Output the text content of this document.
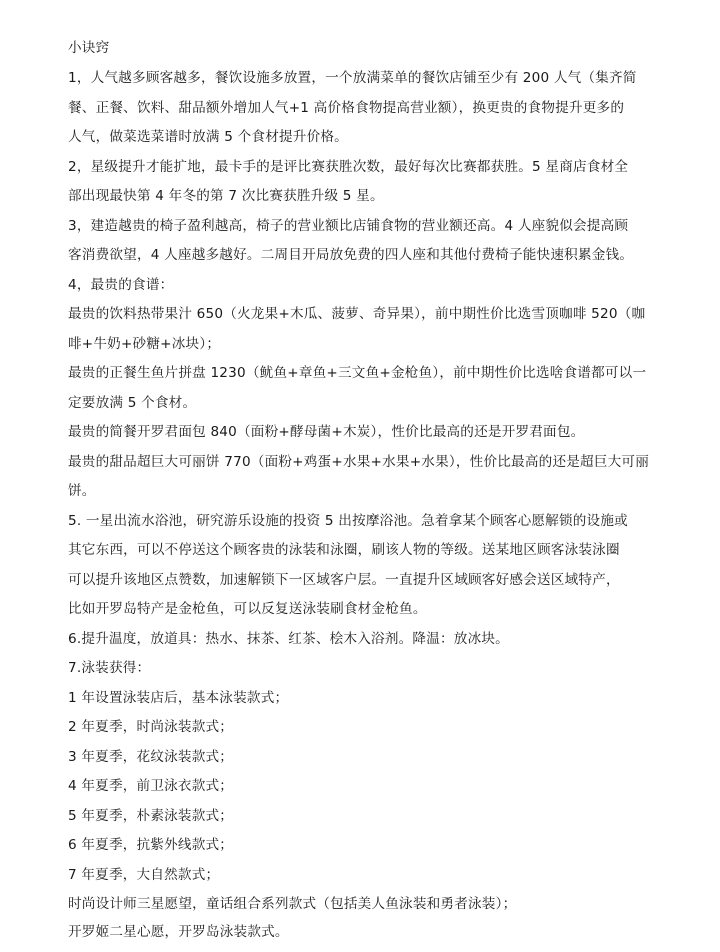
小诀窍
1，人气越多顾客越多，餐饮设施多放置，一个放满菜单的餐饮店铺至少有 200 人气（集齐简
餐、正餐、饮料、甜品额外增加人气+1 高价格食物提高营业额），换更贵的食物提升更多的
人气，做菜选菜谱时放满 5 个食材提升价格。
2，星级提升才能扩地，最卡手的是评比赛获胜次数，最好每次比赛都获胜。5 星商店食材全
部出现最快第 4 年冬的第 7 次比赛获胜升级 5 星。
3，建造越贵的椅子盈利越高，椅子的营业额比店铺食物的营业额还高。4 人座貌似会提高顾
客消费欲望，4 人座越多越好。二周目开局放免费的四人座和其他付费椅子能快速积累金钱。
4，最贵的食谱：
最贵的饮料热带果汁 650（火龙果+木瓜、菠萝、奇异果），前中期性价比选雪顶咖啡 520（咖
啡+牛奶+砂糖+冰块）；
最贵的正餐生鱼片拼盘 1230（鱿鱼+章鱼+三文鱼+金枪鱼），前中期性价比选啥食谱都可以一
定要放满 5 个食材。
最贵的简餐开罗君面包 840（面粉+酵母菌+木炭），性价比最高的还是开罗君面包。
最贵的甜品超巨大可丽饼 770（面粉+鸡蛋+水果+水果+水果），性价比最高的还是超巨大可丽
饼。
5. 一星出流水浴池，研究游乐设施的投资 5 出按摩浴池。急着拿某个顾客心愿解锁的设施或
其它东西，可以不停送这个顾客贵的泳装和泳圈，刷该人物的等级。送某地区顾客泳装泳圈
可以提升该地区点赞数，加速解锁下一区域客户层。一直提升区域顾客好感会送区域特产，
比如开罗岛特产是金枪鱼，可以反复送泳装刷食材金枪鱼。
6.提升温度，放道具：热水、抹茶、红茶、桧木入浴剂。降温：放冰块。
7.泳装获得：
1 年设置泳装店后，基本泳装款式；
2 年夏季，时尚泳装款式；
3 年夏季，花纹泳装款式；
4 年夏季，前卫泳衣款式；
5 年夏季，朴素泳装款式；
6 年夏季，抗紫外线款式；
7 年夏季，大自然款式；
时尚设计师三星愿望，童话组合系列款式（包括美人鱼泳装和勇者泳装）；
开罗姬二星心愿，开罗岛泳装款式。
